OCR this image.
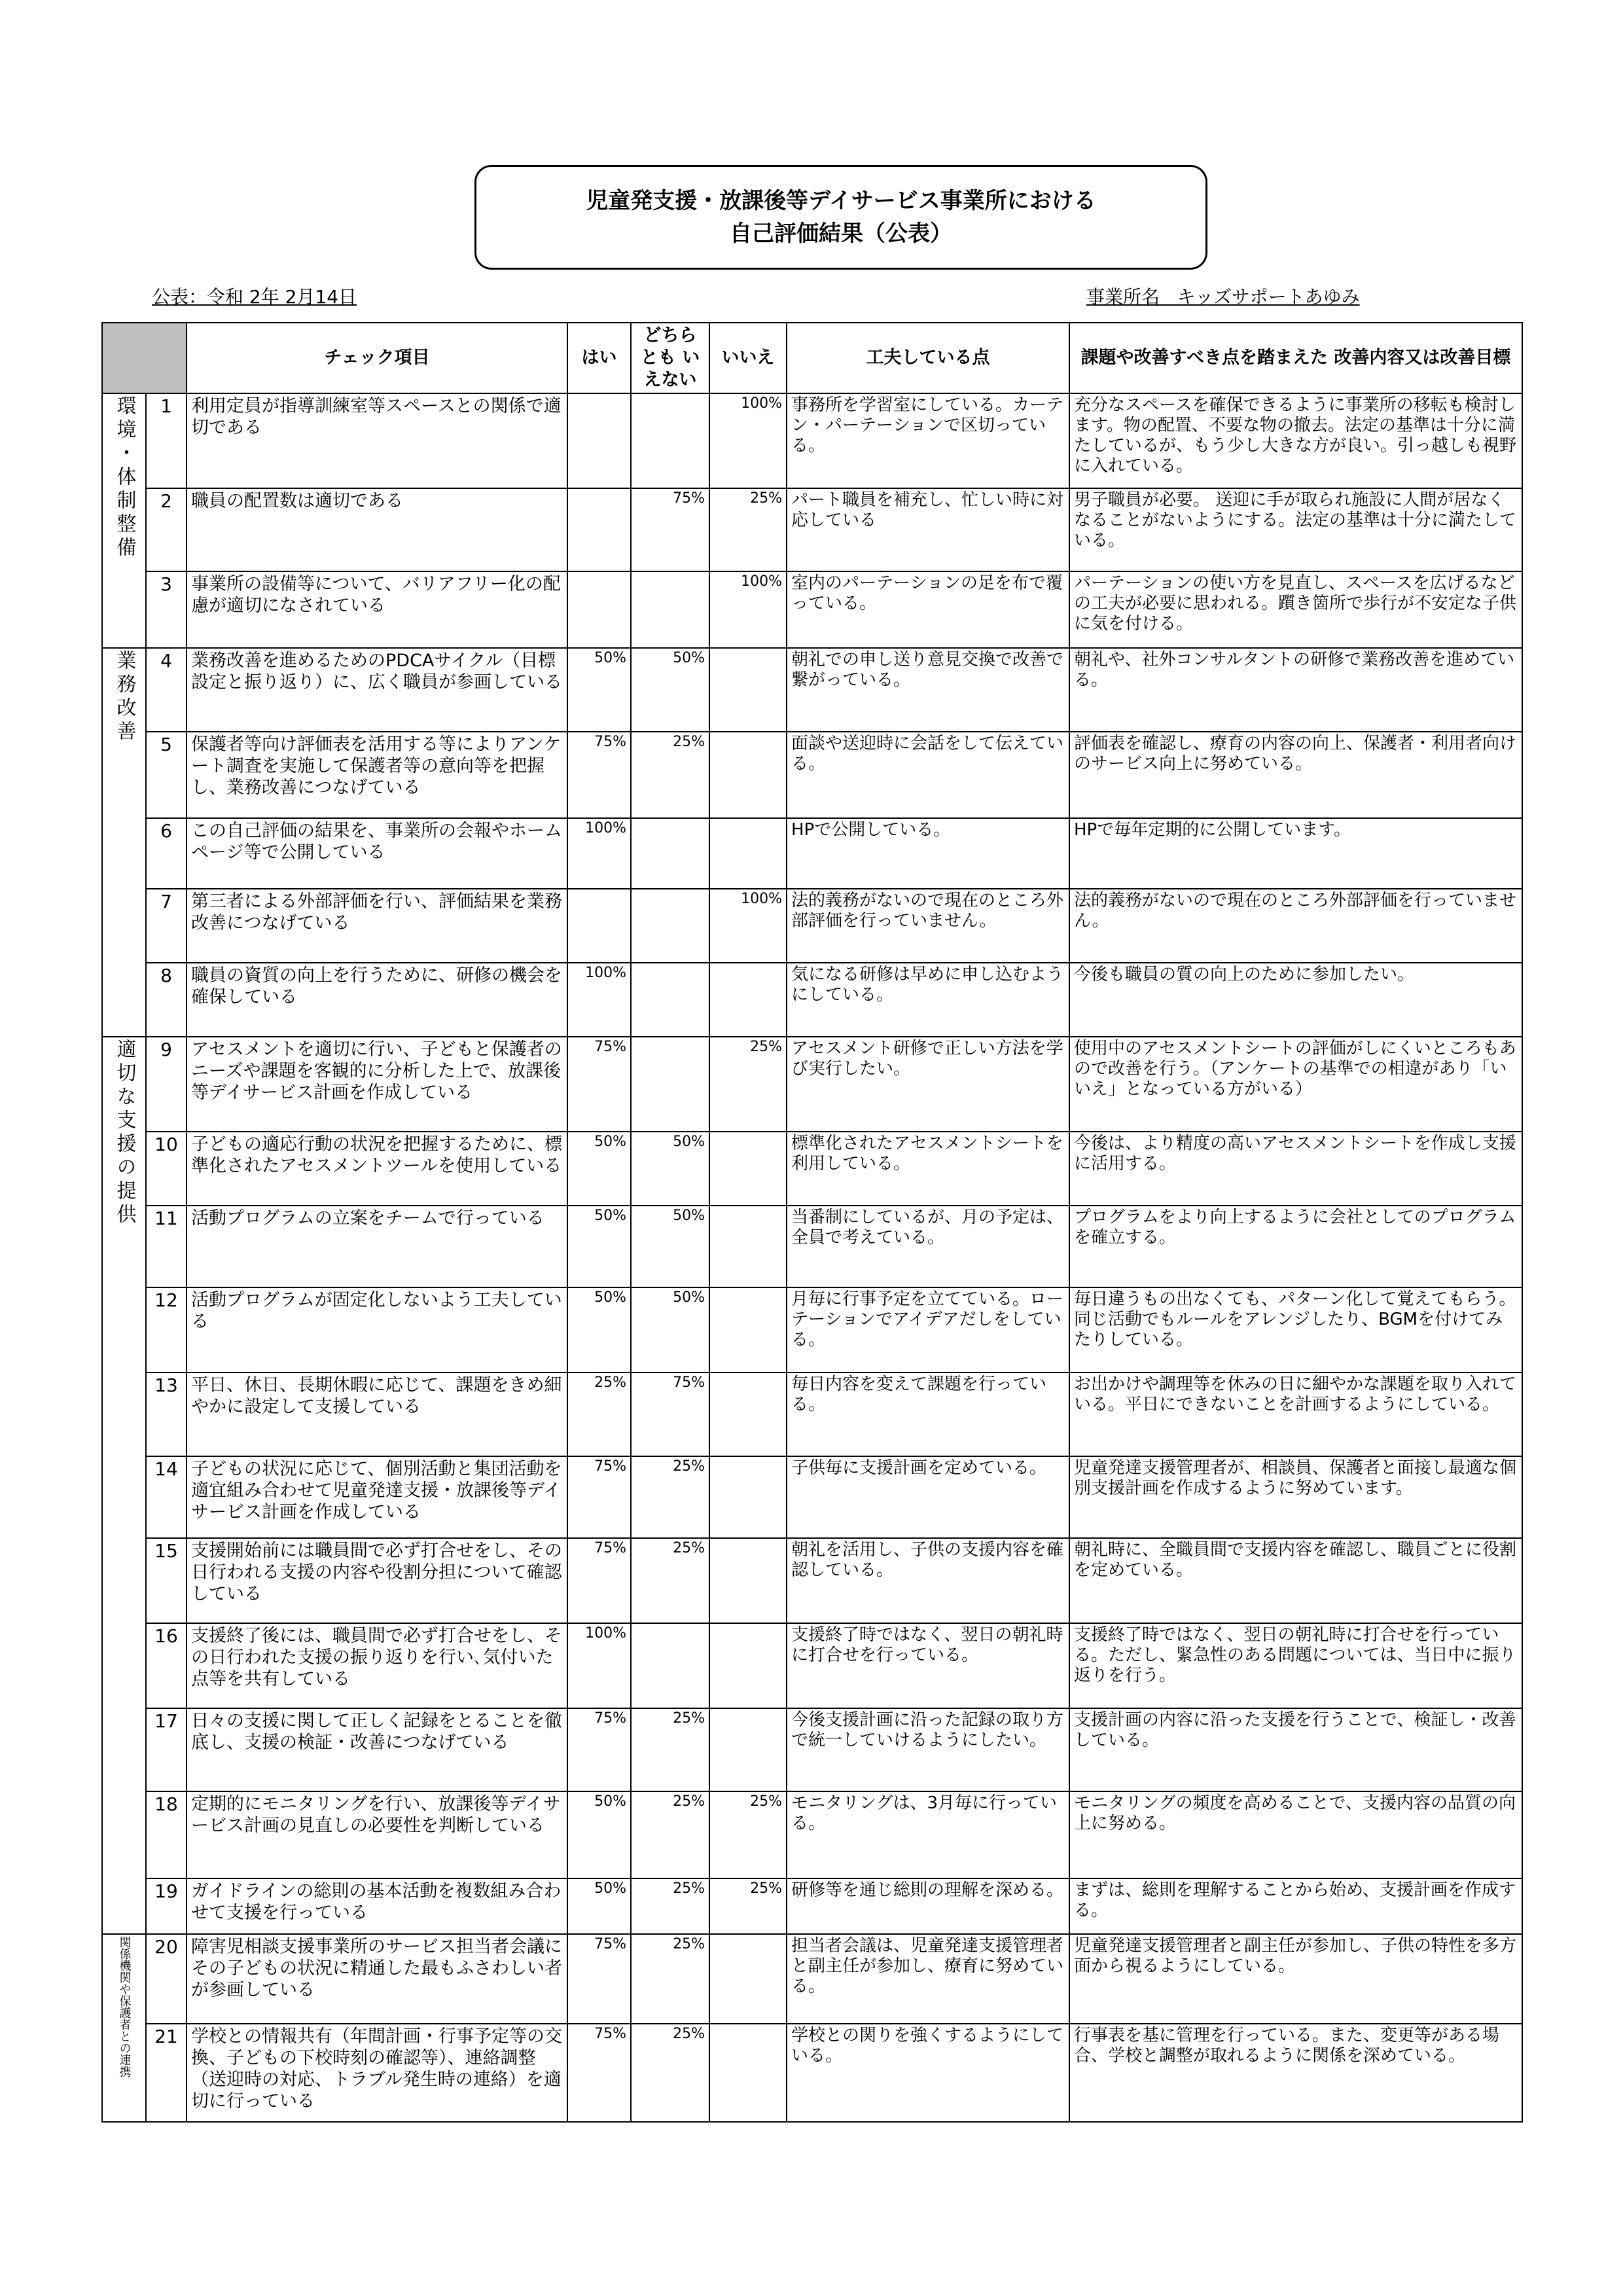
児童発支援・放課後等デイサービス事業所における
自己評価結果（公表）
公表：令和 2年 2月14日	事業所名   キッズサポートあゆみ
		チェック項目	はい	どちらとも いえない	いいえ	工夫している点	課題や改善すべき点を踏まえた 改善内容又は改善目標
環境・体制整備	1	利用定員が指導訓練室等スペースとの関係で適切である			100%	事務所を学習室にしている。カーテン・パーテーションで区切っている。	充分なスペースを確保できるように事業所の移転も検討します。物の配置、不要な物の撤去。法定の基準は十分に満たしているが、もう少し大きな方が良い。引っ越しも視野に入れている。
	2	職員の配置数は適切である		75%	25%	パート職員を補充し、忙しい時に対応している	男子職員が必要。 送迎に手が取られ施設に人間が居なくなることがないようにする。法定の基準は十分に満たしている。
	3	事業所の設備等について、バリアフリー化の配慮が適切になされている			100%	室内のパーテーションの足を布で覆っている。	パーテーションの使い方を見直し、スペースを広げるなどの工夫が必要に思われる。躓き箇所で歩行が不安定な子供に気を付ける。
業務改善	4	業務改善を進めるためのPDCAサイクル（目標設定と振り返り）に、広く職員が参画している	50%	50%		朝礼での申し送り意見交換で改善で繋がっている。	朝礼や、社外コンサルタントの研修で業務改善を進めている。
	5	保護者等向け評価表を活用する等によりアンケート調査を実施して保護者等の意向等を把握し、業務改善につなげている	75%	25%		面談や送迎時に会話をして伝えている。	評価表を確認し、療育の内容の向上、保護者・利用者向けのサービス向上に努めている。
	6	この自己評価の結果を、事業所の会報やホームページ等で公開している	100%			HPで公開している。	HPで毎年定期的に公開しています。
	7	第三者による外部評価を行い、評価結果を業務改善につなげている			100%	法的義務がないので現在のところ外部評価を行っていません。	法的義務がないので現在のところ外部評価を行っていません。
	8	職員の資質の向上を行うために、研修の機会を確保している	100%			気になる研修は早めに申し込むようにしている。	今後も職員の質の向上のために参加したい。
適切な支援の提供	9	アセスメントを適切に行い、子どもと保護者のニーズや課題を客観的に分析した上で、放課後等デイサービス計画を作成している	75%		25%	アセスメント研修で正しい方法を学び実行したい。	使用中のアセスメントシートの評価がしにくいところもあので改善を行う。（アンケートの基準での相違があり「いいえ」となっている方がいる）
	10	子どもの適応行動の状況を把握するために、標準化されたアセスメントツールを使用している	50%	50%		標準化されたアセスメントシートを利用している。	今後は、より精度の高いアセスメントシートを作成し支援に活用する。
	11	活動プログラムの立案をチームで行っている	50%	50%		当番制にしているが、月の予定は、全員で考えている。	プログラムをより向上するように会社としてのプログラムを確立する。
	12	活動プログラムが固定化しないよう工夫している	50%	50%		月毎に行事予定を立てている。ローテーションでアイデアだしをしている。	毎日違うもの出なくても、パターン化して覚えてもらう。同じ活動でもルールをアレンジしたり、BGMを付けてみたりしている。
	13	平日、休日、長期休暇に応じて、課題をきめ細やかに設定して支援している	25%	75%		毎日内容を変えて課題を行っている。	お出かけや調理等を休みの日に細やかな課題を取り入れている。平日にできないことを計画するようにしている。
	14	子どもの状況に応じて、個別活動と集団活動を適宜組み合わせて児童発達支援・放課後等デイサービス計画を作成している	75%	25%		子供毎に支援計画を定めている。	児童発達支援管理者が、相談員、保護者と面接し最適な個別支援計画を作成するように努めています。
	15	支援開始前には職員間で必ず打合せをし、その日行われる支援の内容や役割分担について確認している	75%	25%		朝礼を活用し、子供の支援内容を確認している。	朝礼時に、全職員間で支援内容を確認し、職員ごとに役割を定めている。
	16	支援終了後には、職員間で必ず打合せをし、その日行われた支援の振り返りを行い､気付いた点等を共有している	100%			支援終了時ではなく、翌日の朝礼時に打合せを行っている。	支援終了時ではなく、翌日の朝礼時に打合せを行っている。ただし、緊急性のある問題については、当日中に振り返りを行う。
	17	日々の支援に関して正しく記録をとることを徹底し、支援の検証・改善につなげている	75%	25%		今後支援計画に沿った記録の取り方で統一していけるようにしたい。	支援計画の内容に沿った支援を行うことで、検証し・改善している。
	18	定期的にモニタリングを行い、放課後等デイサービス計画の見直しの必要性を判断している	50%	25%	25%	モニタリングは、3月毎に行っている。	モニタリングの頻度を高めることで、支援内容の品質の向上に努める。
	19	ガイドラインの総則の基本活動を複数組み合わせて支援を行っている	50%	25%	25%	研修等を通じ総則の理解を深める。	まずは、総則を理解することから始め、支援計画を作成する。
関係機関や保護者との連携	20	障害児相談支援事業所のサービス担当者会議にその子どもの状況に精通した最もふさわしい者が参画している	75%	25%		担当者会議は、児童発達支援管理者と副主任が参加し、療育に努めている。	児童発達支援管理者と副主任が参加し、子供の特性を多方面から視るようにしている。
	21	学校との情報共有（年間計画・行事予定等の交換、子どもの下校時刻の確認等）、連絡調整（送迎時の対応、トラブル発生時の連絡）を適切に行っている	75%	25%		学校との関りを強くするようにしている。	行事表を基に管理を行っている。また、変更等がある場合、学校と調整が取れるように関係を深めている。
